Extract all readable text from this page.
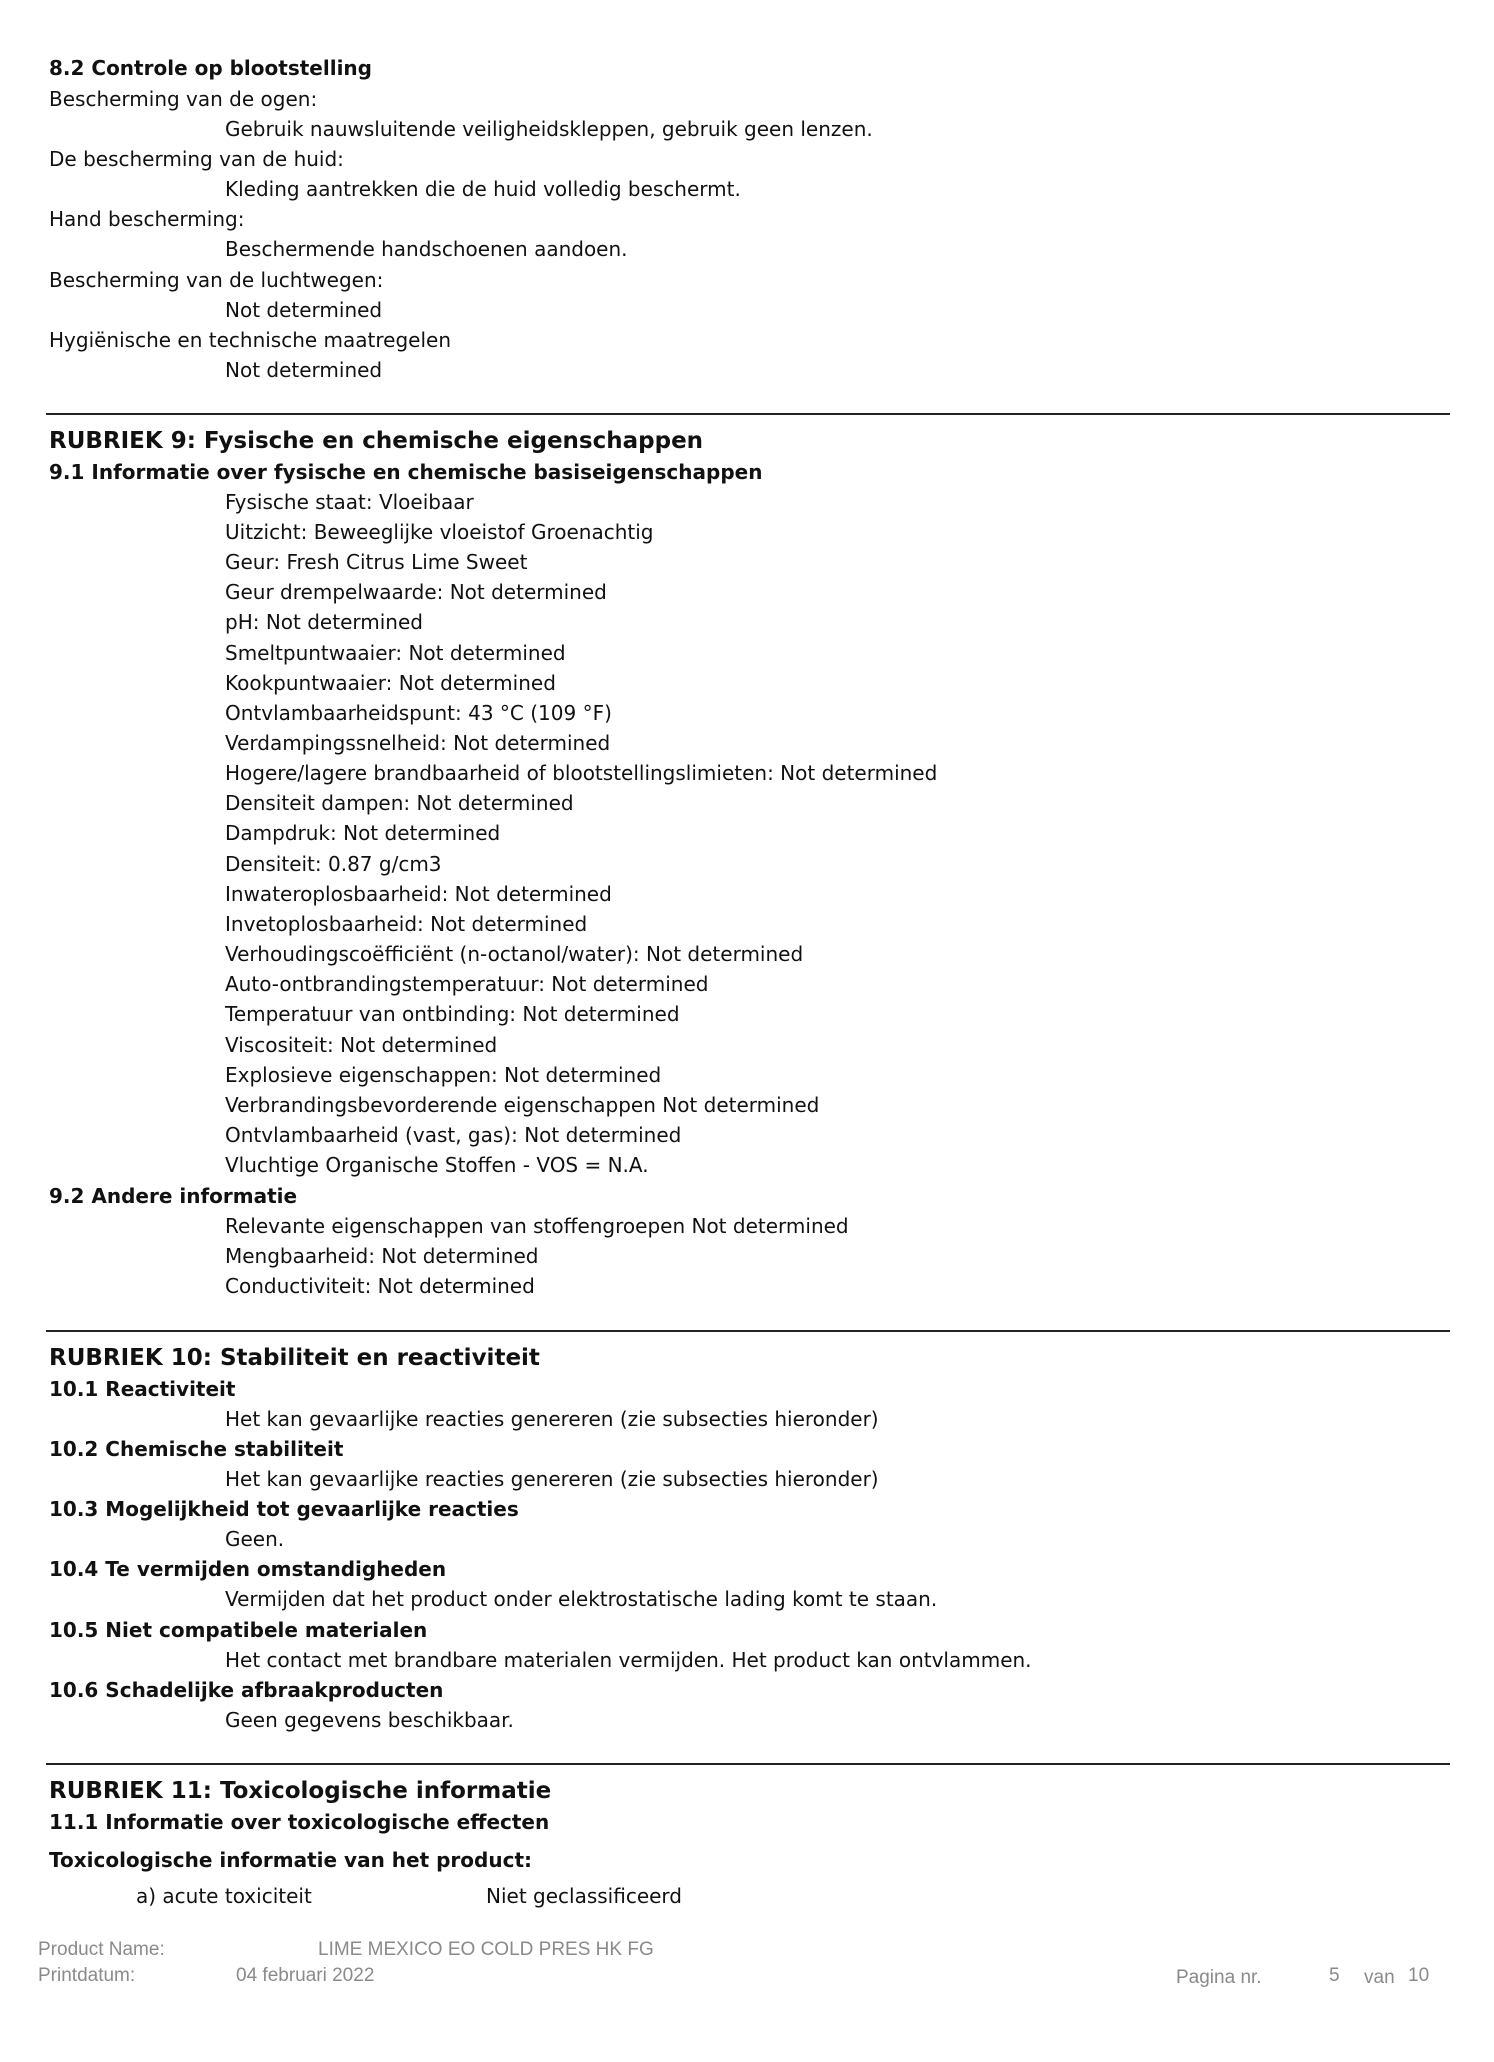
8.2 Controle op blootstelling
Bescherming van de ogen:
Gebruik nauwsluitende veiligheidskleppen, gebruik geen lenzen.
De bescherming van de huid:
Kleding aantrekken die de huid volledig beschermt.
Hand bescherming:
Beschermende handschoenen aandoen.
Bescherming van de luchtwegen:
Not determined
Hygiënische en technische maatregelen
Not determined
RUBRIEK 9: Fysische en chemische eigenschappen
9.1 Informatie over fysische en chemische basiseigenschappen
Fysische staat: Vloeibaar
Uitzicht: Beweeglijke vloeistof Groenachtig
Geur: Fresh Citrus Lime Sweet
Geur drempelwaarde: Not determined
pH: Not determined
Smeltpuntwaaier: Not determined
Kookpuntwaaier: Not determined
Ontvlambaarheidspunt: 43 °C (109 °F)
Verdampingssnelheid: Not determined
Hogere/lagere brandbaarheid of blootstellingslimieten: Not determined
Densiteit dampen: Not determined
Dampdruk: Not determined
Densiteit: 0.87 g/cm3
Inwateroplosbaarheid: Not determined
Invetoplosbaarheid: Not determined
Verhoudingscoëfficiënt (n-octanol/water): Not determined
Auto-ontbrandingstemperatuur: Not determined
Temperatuur van ontbinding: Not determined
Viscositeit: Not determined
Explosieve eigenschappen: Not determined
Verbrandingsbevorderende eigenschappen Not determined
Ontvlambaarheid (vast, gas): Not determined
Vluchtige Organische Stoffen - VOS = N.A.
9.2 Andere informatie
Relevante eigenschappen van stoffengroepen Not determined
Mengbaarheid: Not determined
Conductiviteit: Not determined
RUBRIEK 10: Stabiliteit en reactiviteit
10.1 Reactiviteit
Het kan gevaarlijke reacties genereren (zie subsecties hieronder)
10.2 Chemische stabiliteit
Het kan gevaarlijke reacties genereren (zie subsecties hieronder)
10.3 Mogelijkheid tot gevaarlijke reacties
Geen.
10.4 Te vermijden omstandigheden
Vermijden dat het product onder elektrostatische lading komt te staan.
10.5 Niet compatibele materialen
Het contact met brandbare materialen vermijden. Het product kan ontvlammen.
10.6 Schadelijke afbraakproducten
Geen gegevens beschikbaar.
RUBRIEK 11: Toxicologische informatie
11.1 Informatie over toxicologische effecten
Toxicologische informatie van het product:
a) acute toxiciteit	Niet geclassificeerd
Product Name:	LIME MEXICO EO COLD PRES HK FG
Printdatum:	04 februari 2022	Pagina nr.	5 van 10
